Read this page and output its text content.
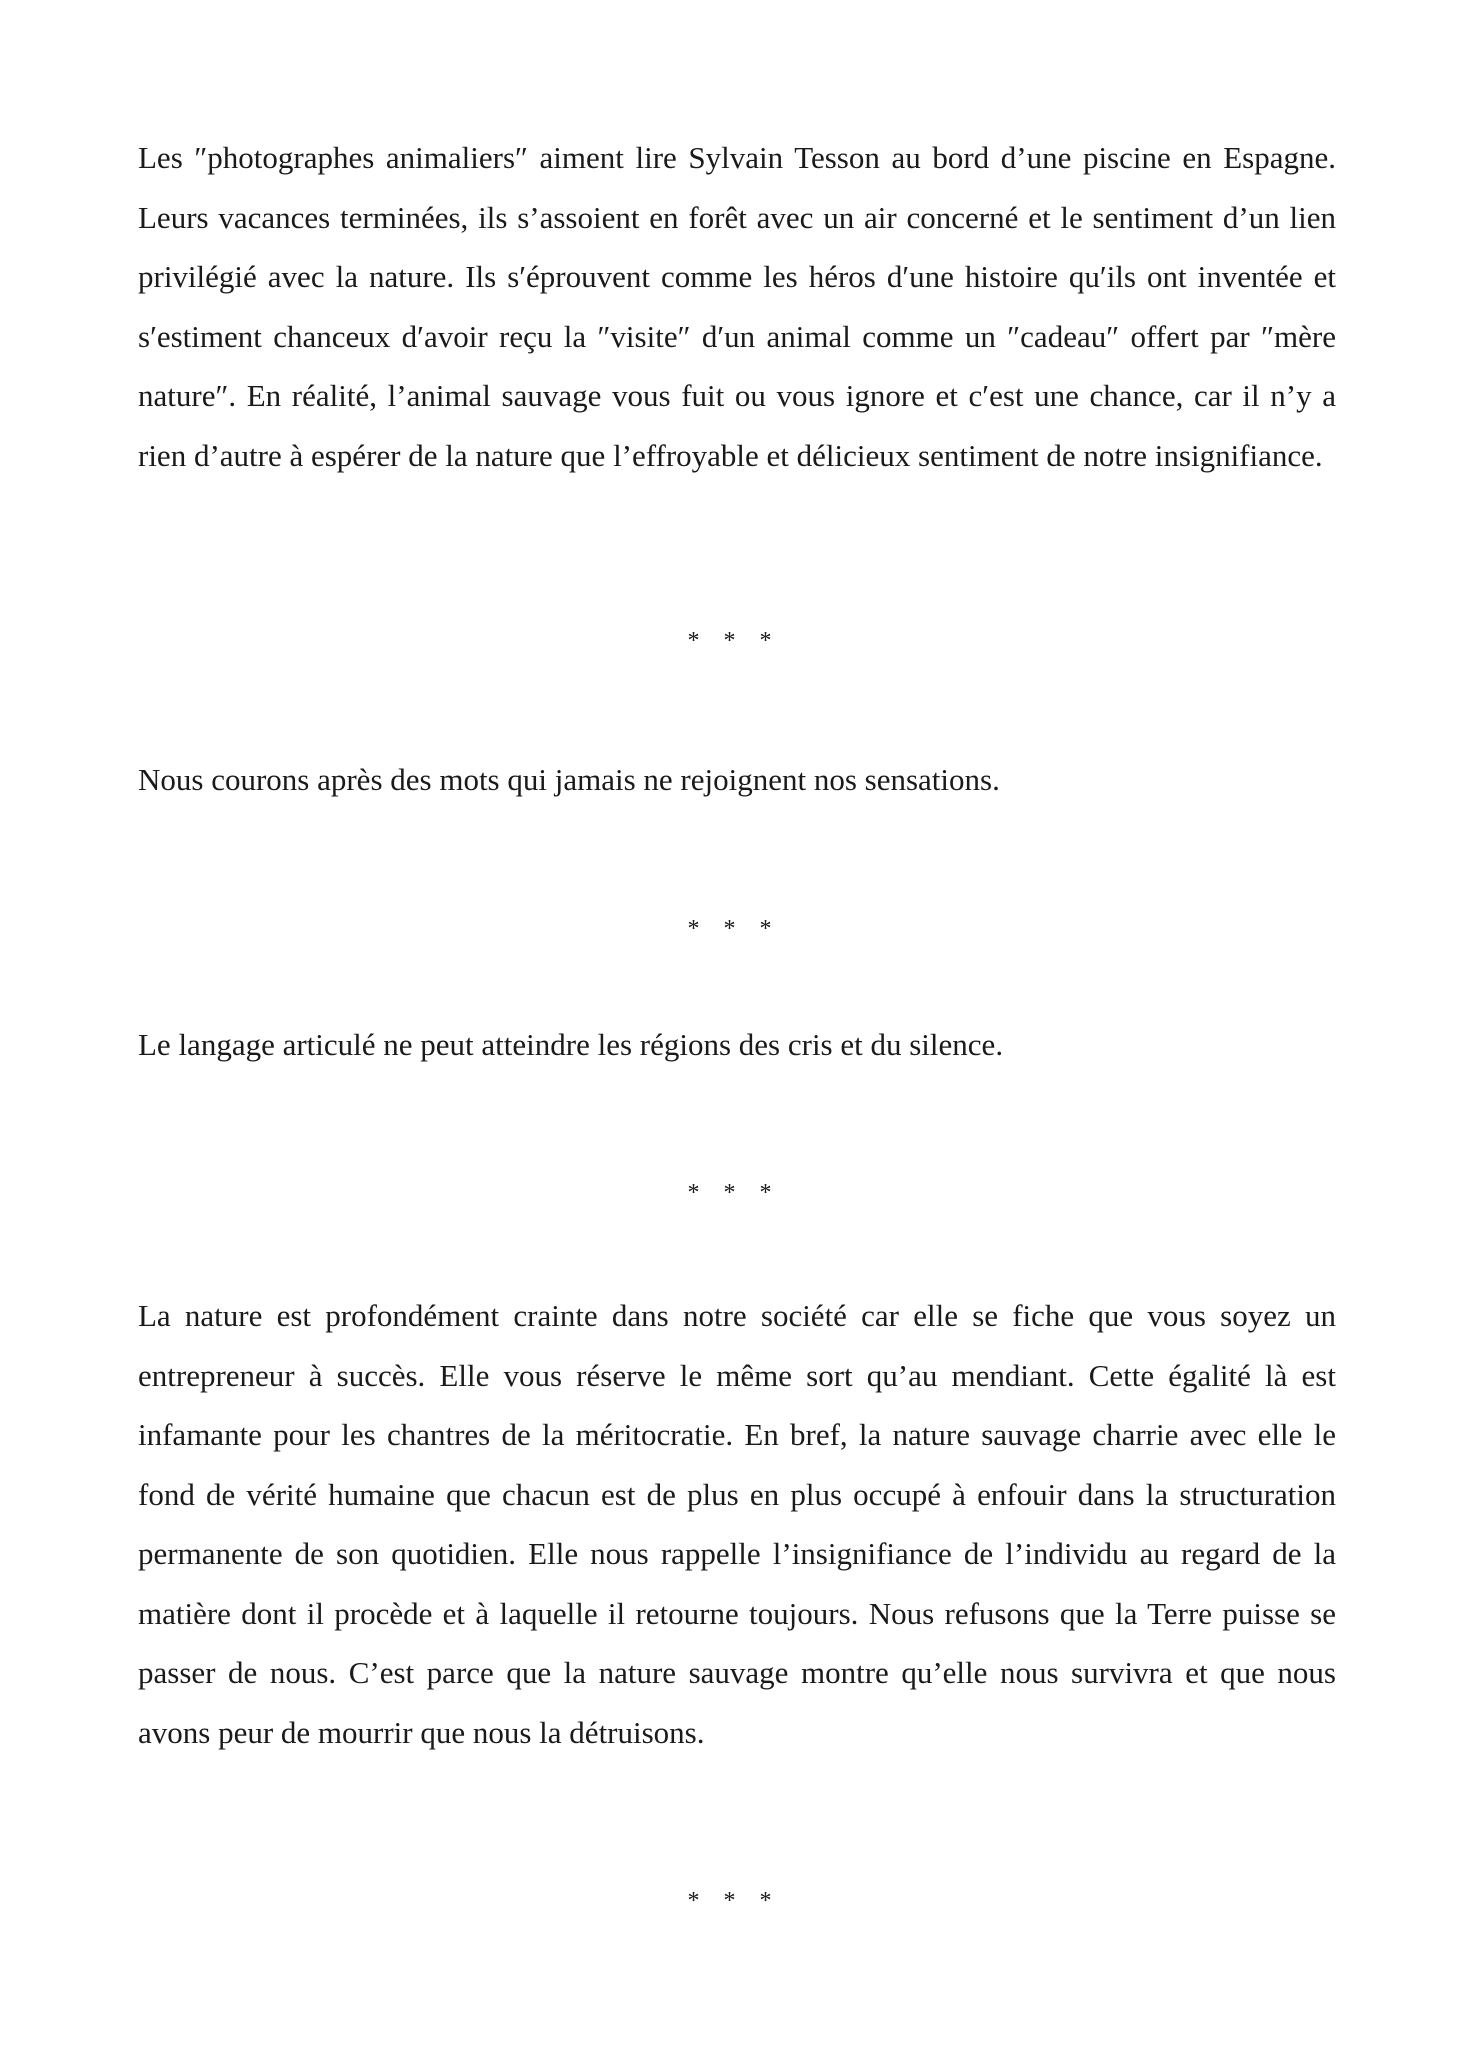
Les ″photographes animaliers″ aiment lire Sylvain Tesson au bord d’une piscine en Espagne. Leurs vacances terminées, ils s’assoient en forêt avec un air concerné et le sentiment d’un lien privilégié avec la nature. Ils s′éprouvent comme les héros d′une histoire qu′ils ont inventée et s′estiment chanceux d′avoir reçu la ″visite″ d′un animal comme un ″cadeau″ offert par ″mère nature″. En réalité, l’animal sauvage vous fuit ou vous ignore et c′est une chance, car il n’y a rien d’autre à espérer de la nature que l’effroyable et délicieux sentiment de notre insignifiance.

* * *

Nous courons après des mots qui jamais ne rejoignent nos sensations.

* * *

Le langage articulé ne peut atteindre les régions des cris et du silence.

* * *

La nature est profondément crainte dans notre société car elle se fiche que vous soyez un entrepreneur à succès. Elle vous réserve le même sort qu’au mendiant. Cette égalité là est infamante pour les chantres de la méritocratie. En bref, la nature sauvage charrie avec elle le fond de vérité humaine que chacun est de plus en plus occupé à enfouir dans la structuration permanente de son quotidien. Elle nous rappelle l’insignifiance de l’individu au regard de la matière dont il procède et à laquelle il retourne toujours. Nous refusons que la Terre puisse se passer de nous. C’est parce que la nature sauvage montre qu’elle nous survivra et que nous avons peur de mourrir que nous la détruisons.

* * *
